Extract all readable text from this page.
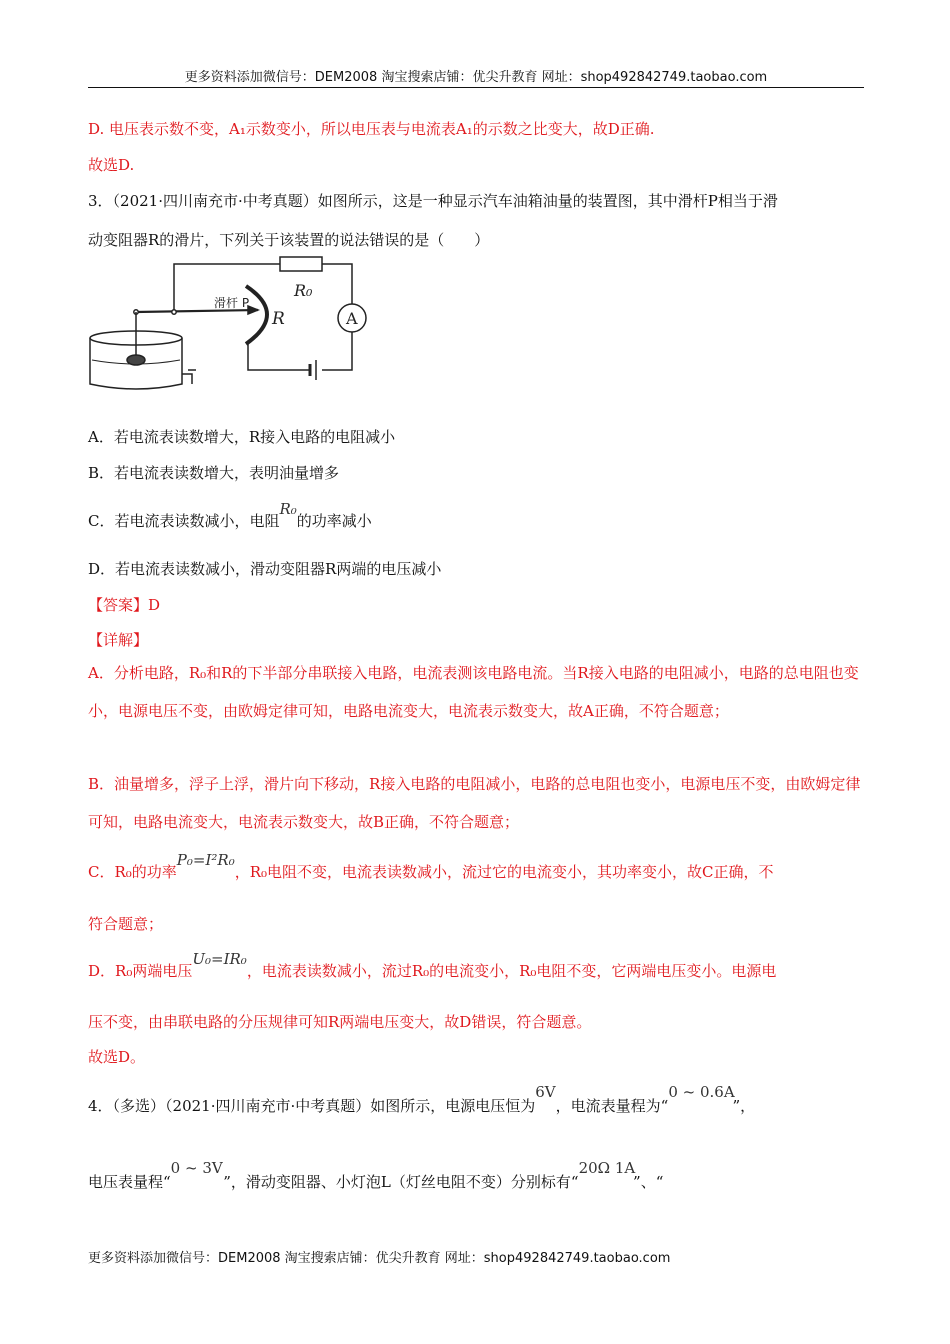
更多资料添加微信号：DEM2008 淘宝搜索店铺：优尖升教育 网址：shop492842749.taobao.com
D. 电压表示数不变，A₁示数变小，所以电压表与电流表A₁的示数之比变大，故D正确.
故选D.
3．（2021·四川南充市·中考真题）如图所示，这是一种显示汽车油箱油量的装置图，其中滑杆P相当于滑
动变阻器R的滑片，下列关于该装置的说法错误的是（　　）
滑杆 P
R
R₀
A
A．若电流表读数增大，R接入电路的电阻减小
B．若电流表读数增大，表明油量增多
C．若电流表读数减小，电阻R₀的功率减小
D．若电流表读数减小，滑动变阻器R两端的电压减小
【答案】D
【详解】
A．分析电路，R₀和R的下半部分串联接入电路，电流表测该电路电流。当R接入电路的电阻减小，电路的总电阻也变小，电源电压不变，由欧姆定律可知，电路电流变大，电流表示数变大，故A正确，不符合题意；
B．油量增多，浮子上浮，滑片向下移动，R接入电路的电阻减小，电路的总电阻也变小，电源电压不变，由欧姆定律可知，电路电流变大，电流表示数变大，故B正确，不符合题意；
C．R₀的功率P₀=I²R₀，R₀电阻不变，电流表读数减小，流过它的电流变小，其功率变小，故C正确，不
符合题意；
D．R₀两端电压U₀=IR₀，电流表读数减小，流过R₀的电流变小，R₀电阻不变，它两端电压变小。电源电
压不变，由串联电路的分压规律可知R两端电压变大，故D错误，符合题意。
故选D。
4．（多选）（2021·四川南充市·中考真题）如图所示，电源电压恒为6V，电流表量程为“0 ~ 0.6A”，
电压表量程“0 ~ 3V”，滑动变阻器、小灯泡L（灯丝电阻不变）分别标有“20Ω 1A”、“
更多资料添加微信号：DEM2008 淘宝搜索店铺：优尖升教育 网址：shop492842749.taobao.com
